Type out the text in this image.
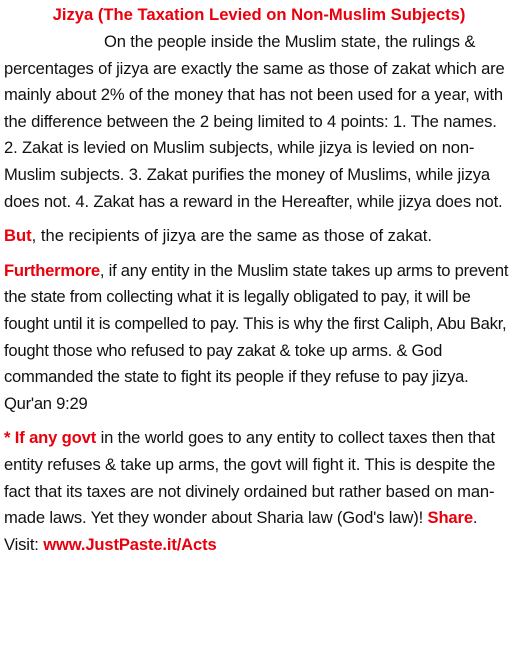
Jizya (The Taxation Levied on Non-Muslim Subjects)

On the people inside the Muslim state, the rulings & percentages of jizya are exactly the same as those of zakat which are mainly about 2% of the money that has not been used for a year, with the difference between the 2 being limited to 4 points: 1. The names. 2. Zakat is levied on Muslim subjects, while jizya is levied on non-Muslim subjects. 3. Zakat purifies the money of Muslims, while jizya does not. 4. Zakat has a reward in the Hereafter, while jizya does not.

But, the recipients of jizya are the same as those of zakat.

Furthermore, if any entity in the Muslim state takes up arms to prevent the state from collecting what it is legally obligated to pay, it will be fought until it is compelled to pay. This is why the first Caliph, Abu Bakr, fought those who refused to pay zakat & toke up arms. & God commanded the state to fight its people if they refuse to pay jizya. Qur'an 9:29

* If any govt in the world goes to any entity to collect taxes then that entity refuses & take up arms, the govt will fight it. This is despite the fact that its taxes are not divinely ordained but rather based on man-made laws. Yet they wonder about Sharia law (God's law)! Share. Visit: www.JustPaste.it/Acts
